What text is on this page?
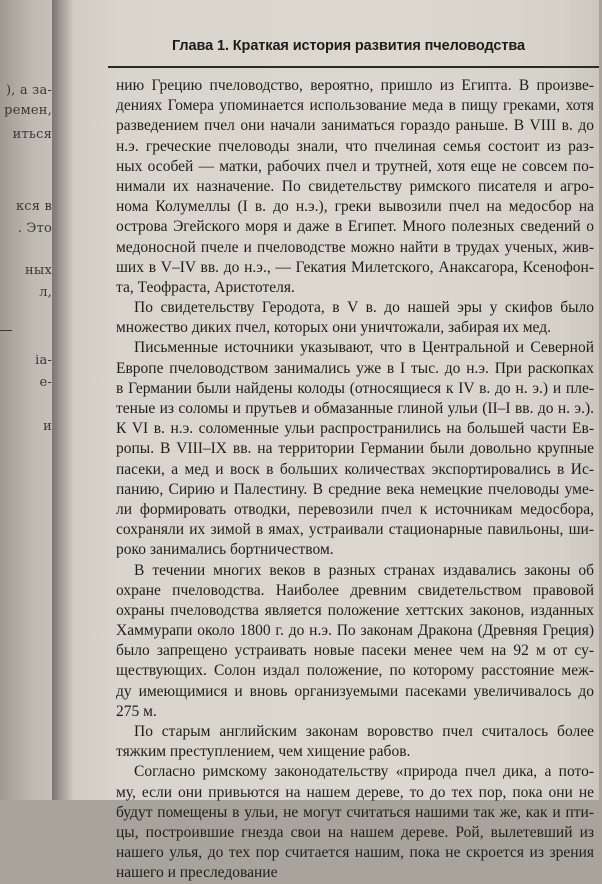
), а за-
ремен,
иться
кся в
. Это
ных
л,
ia-
e-
и
Глава 1. Краткая история развития пчеловодства

нию Грецию пчеловодство, вероятно, пришло из Египта. В произве-
дениях Гомера упоминается использование меда в пищу греками, хотя
разведением пчел они начали заниматься гораздо раньше. В VIII в. до
н.э. греческие пчеловоды знали, что пчелиная семья состоит из раз-
ных особей — матки, рабочих пчел и трутней, хотя еще не совсем по-
нимали их назначение. По свидетельству римского писателя и агро-
нома Колумеллы (I в. до н.э.), греки вывозили пчел на медосбор на
острова Эгейского моря и даже в Египет. Много полезных сведений о
медоносной пчеле и пчеловодстве можно найти в трудах ученых, жив-
ших в V–IV вв. до н.э., — Гекатия Милетского, Анаксагора, Ксенофон-
та, Теофраста, Аристотеля.

По свидетельству Геродота, в V в. до нашей эры у скифов было
множество диких пчел, которых они уничтожали, забирая их мед.

Письменные источники указывают, что в Центральной и Северной
Европе пчеловодством занимались уже в I тыс. до н.э. При раскопках
в Германии были найдены колоды (относящиеся к IV в. до н. э.) и пле-
теные из соломы и прутьев и обмазанные глиной ульи (II–I вв. до н. э.).
К VI в. н.э. соломенные ульи распространились на большей части Ев-
ропы. В VIII–IX вв. на территории Германии были довольно крупные
пасеки, а мед и воск в больших количествах экспортировались в Ис-
панию, Сирию и Палестину. В средние века немецкие пчеловоды уме-
ли формировать отводки, перевозили пчел к источникам медосбора,
сохраняли их зимой в ямах, устраивали стационарные павильоны, ши-
роко занимались бортничеством.

В течении многих веков в разных странах издавались законы об
охране пчеловодства. Наиболее древним свидетельством правовой
охраны пчеловодства является положение хеттских законов, изданных
Хаммурапи около 1800 г. до н.э. По законам Дракона (Древняя Греция)
было запрещено устраивать новые пасеки менее чем на 92 м от су-
ществующих. Солон издал положение, по которому расстояние меж-
ду имеющимися и вновь организуемыми пасеками увеличивалось до
275 м.

По старым английским законам воровство пчел считалось более
тяжким преступлением, чем хищение рабов.

Согласно римскому законодательству «природа пчел дика, а пото-
му, если они привьются на нашем дереве, то до тех пор, пока они не
будут помещены в ульи, не могут считаться нашими так же, как и пти-
цы, построившие гнезда свои на нашем дереве. Рой, вылетевший из
нашего улья, до тех пор считается нашим, пока не скроется из зрения
нашего и преследование
